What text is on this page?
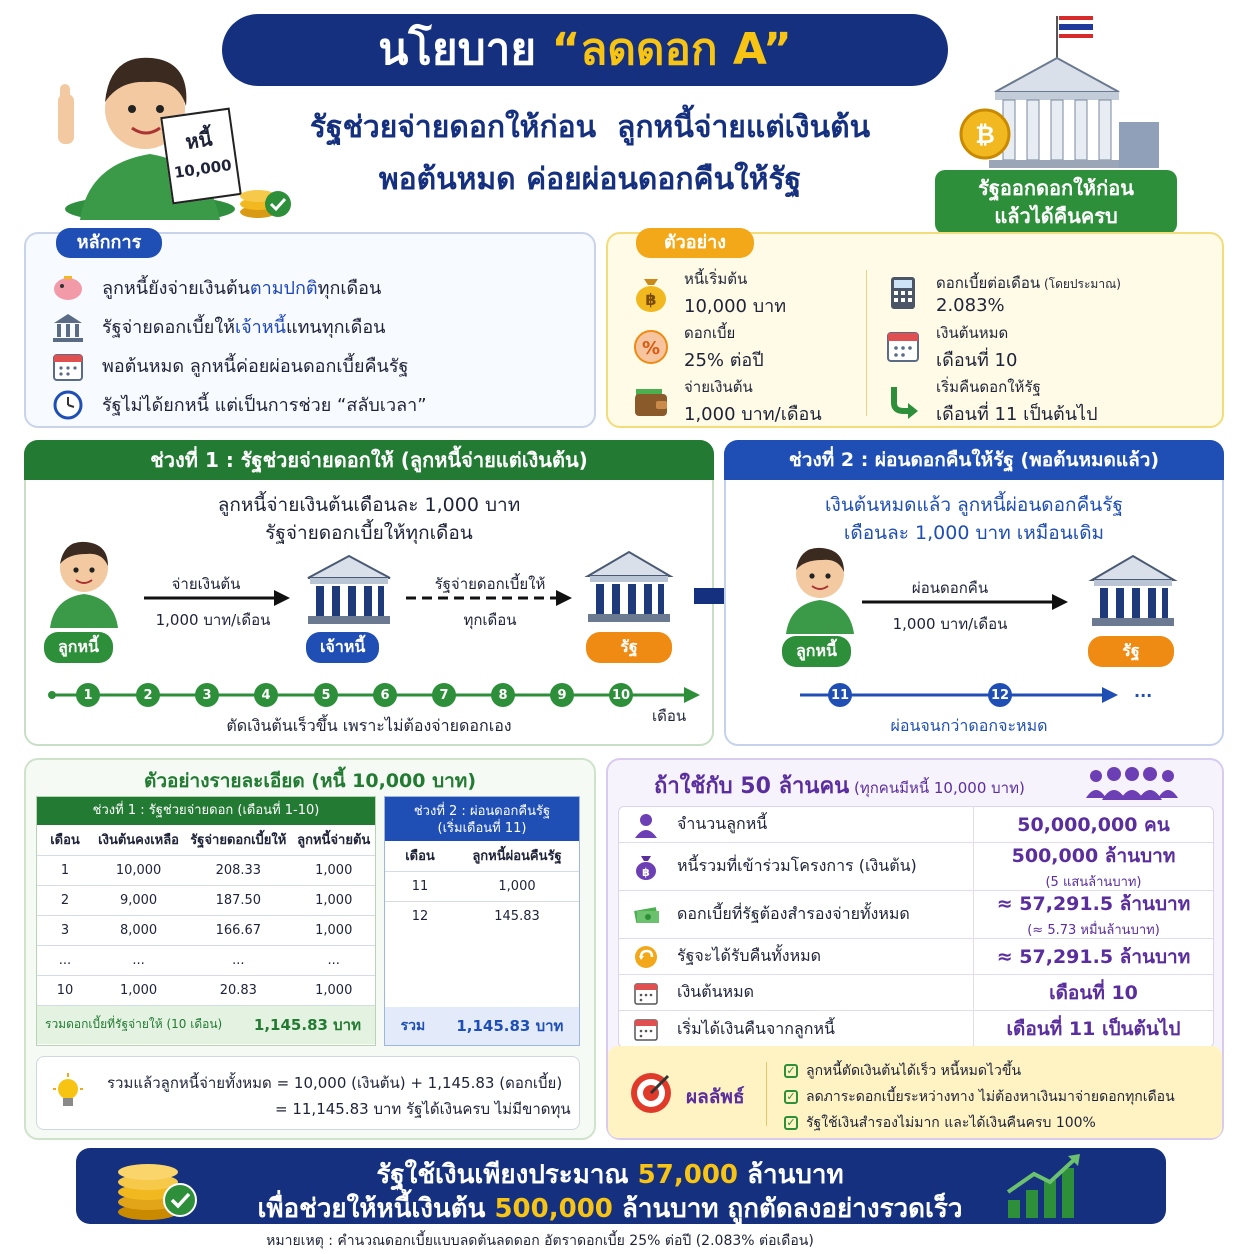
นโยบาย “ลดดอก A”
รัฐช่วยจ่ายดอกให้ก่อน ลูกหนี้จ่ายแต่เงินต้น
พอต้นหมด ค่อยผ่อนดอกคืนให้รัฐ
หนี้
10,000
₿
รัฐออกดอกให้ก่อน
แล้วได้คืนครบ
หลักการ
ลูกหนี้ยังจ่ายเงินต้นตามปกติทุกเดือน
รัฐจ่ายดอกเบี้ยให้เจ้าหนี้แทนทุกเดือน
พอต้นหมด ลูกหนี้ค่อยผ่อนดอกเบี้ยคืนรัฐ
รัฐไม่ได้ยกหนี้ แต่เป็นการช่วย “สลับเวลา”
ตัวอย่าง
฿
หนี้เริ่มต้น
10,000 บาท
%
ดอกเบี้ย
25% ต่อปี
จ่ายเงินต้น
1,000 บาท/เดือน
ดอกเบี้ยต่อเดือน (โดยประมาณ)
2.083%
เงินต้นหมด
เดือนที่ 10
เริ่มคืนดอกให้รัฐ
เดือนที่ 11 เป็นต้นไป
ช่วงที่ 1 : รัฐช่วยจ่ายดอกให้ (ลูกหนี้จ่ายแต่เงินต้น)
ลูกหนี้จ่ายเงินต้นเดือนละ 1,000 บาท
รัฐจ่ายดอกเบี้ยให้ทุกเดือน
ลูกหนี้
จ่ายเงินต้น
1,000 บาท/เดือน
เจ้าหนี้
รัฐจ่ายดอกเบี้ยให้
ทุกเดือน
รัฐ
1	2	3	4	5	6	7	8	9	10
เดือน
ตัดเงินต้นเร็วขึ้น เพราะไม่ต้องจ่ายดอกเอง
ช่วงที่ 2 : ผ่อนดอกคืนให้รัฐ (พอต้นหมดแล้ว)
เงินต้นหมดแล้ว ลูกหนี้ผ่อนดอกคืนรัฐ
เดือนละ 1,000 บาท เหมือนเดิม
ลูกหนี้
ผ่อนดอกคืน
1,000 บาท/เดือน
รัฐ
11	12	...
ผ่อนจนกว่าดอกจะหมด
ตัวอย่างรายละเอียด (หนี้ 10,000 บาท)
ช่วงที่ 1 : รัฐช่วยจ่ายดอก (เดือนที่ 1-10)
เดือน	เงินต้นคงเหลือ	รัฐจ่ายดอกเบี้ยให้	ลูกหนี้จ่ายต้น
1	10,000	208.33	1,000
2	9,000	187.50	1,000
3	8,000	166.67	1,000
...	...	...	...
10	1,000	20.83	1,000
รวมดอกเบี้ยที่รัฐจ่ายให้ (10 เดือน) 1,145.83 บาท
ช่วงที่ 2 : ผ่อนดอกคืนรัฐ
(เริ่มเดือนที่ 11)
เดือน	ลูกหนี้ผ่อนคืนรัฐ
11	1,000
12	145.83
รวม 1,145.83 บาท
รวมแล้วลูกหนี้จ่ายทั้งหมด = 10,000 (เงินต้น) + 1,145.83 (ดอกเบี้ย)
= 11,145.83 บาท รัฐได้เงินครบ ไม่มีขาดทุน
ถ้าใช้กับ 50 ล้านคน (ทุกคนมีหนี้ 10,000 บาท)
จำนวนลูกหนี้	50,000,000 คน
฿ หนี้รวมที่เข้าร่วมโครงการ (เงินต้น)	500,000 ล้านบาท
(5 แสนล้านบาท)
ดอกเบี้ยที่รัฐต้องสำรองจ่ายทั้งหมด	≈ 57,291.5 ล้านบาท
(≈ 5.73 หมื่นล้านบาท)
รัฐจะได้รับคืนทั้งหมด	≈ 57,291.5 ล้านบาท
เงินต้นหมด	เดือนที่ 10
เริ่มได้เงินคืนจากลูกหนี้	เดือนที่ 11 เป็นต้นไป
ผลลัพธ์
✓ ลูกหนี้ตัดเงินต้นได้เร็ว หนี้หมดไวขึ้น
✓ ลดภาระดอกเบี้ยระหว่างทาง ไม่ต้องหาเงินมาจ่ายดอกทุกเดือน
✓ รัฐใช้เงินสำรองไม่มาก และได้เงินคืนครบ 100%
รัฐใช้เงินเพียงประมาณ 57,000 ล้านบาท
เพื่อช่วยให้หนี้เงินต้น 500,000 ล้านบาท ถูกตัดลงอย่างรวดเร็ว
หมายเหตุ : คำนวณดอกเบี้ยแบบลดต้นลดดอก อัตราดอกเบี้ย 25% ต่อปี (2.083% ต่อเดือน)
